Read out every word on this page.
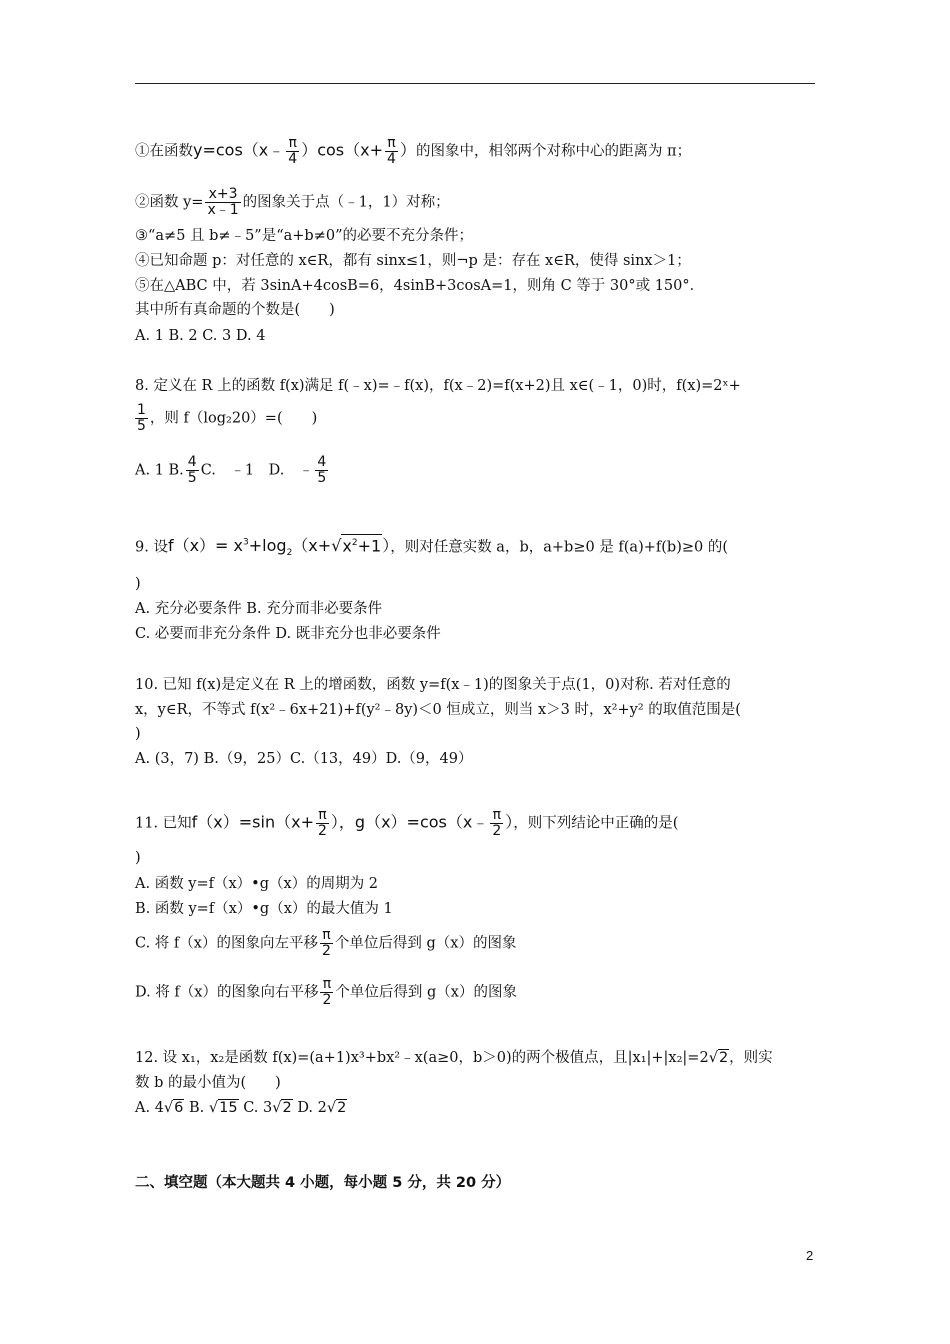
①在函数y=cos（x﹣ $\frac{\pi}{4} )\cos(x+ \frac{\pi}{4}$ ）的图象中，相邻两个对称中心的距离为 π；
②函数 $y= \frac{x+3}{x﹣1}$ 的图象关于点（﹣1，1）对称；
③“a≠5 且 b≠﹣5”是“a+b≠0”的必要不充分条件；
④已知命题 p：对任意的 x∈R，都有 sinx≤1，则¬p 是：存在 x∈R，使得 sinx＞1；
⑤在△ABC 中，若 3sinA+4cosB=6，4sinB+3cosA=1，则角 C 等于 30°或 150°．
其中所有真命题的个数是(　　)
A. 1 B. 2 C. 3 D. 4
8. 定义在 R 上的函数 f(x)满足 f(﹣x)=﹣f(x)，f(x﹣2)=f(x+2)且 x∈(﹣1，0)时，f(x)=2ˣ+
$\frac{1}{5}$ ，则 f（log₂20）=(　　)
A. 1 B. $\frac{4}{5} C$.　﹣1　D.　﹣ $\frac{4}{5}$
9. 设$f(x)= x^3+\log_2(x+√x^2+1)$，则对任意实数 a，b，a+b≥0 是 f(a)+f(b)≥0 的(
)
A. 充分必要条件 B. 充分而非必要条件
C. 必要而非充分条件 D. 既非充分也非必要条件
10. 已知 f(x)是定义在 R 上的增函数，函数 y=f(x﹣1)的图象关于点(1，0)对称. 若对任意的
x，y∈R，不等式 f(x²﹣6x+21)+f(y²﹣8y)＜0 恒成立，则当 x＞3 时，x²+y² 的取值范围是(
)
A. (3，7) B.（9，25）C.（13，49）D.（9，49）
11. 已知$f(x)=\sin(x+ \frac{\pi}{2}$ ），g（x）=cos（x﹣ $\frac{\pi}{2}$ ），则下列结论中正确的是(
)
A. 函数 y=f（x）•g（x）的周期为 2
B. 函数 y=f（x）•g（x）的最大值为 1
C. 将 f（x）的图象向左平移 $\frac{\pi}{2}$ 个单位后得到 g（x）的图象
D. 将 f（x）的图象向右平移 $\frac{\pi}{2}$ 个单位后得到 g（x）的图象
12. 设 x₁，x₂是函数 f(x)=(a+1)x³+bx²﹣x(a≥0，b＞0)的两个极值点，且|x₁|+|x₂|=2√2，则实
数 b 的最小值为(　　)
A. 4√6 B. √15 C. 3√2 D. 2√2
二、填空题（本大题共 4 小题，每小题 5 分，共 20 分）
2
